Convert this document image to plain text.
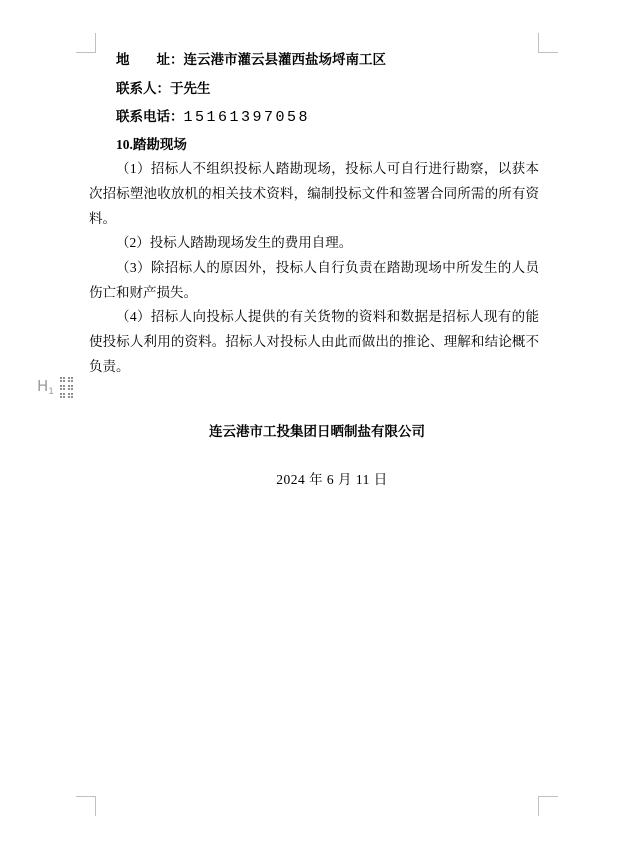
地　　址：连云港市灌云县灌西盐场埒南工区
联系人：于先生
联系电话：15161397058

10.踏勘现场

（1）招标人不组织投标人踏勘现场，投标人可自行进行勘察，以获本次招标塑池收放机的相关技术资料，编制投标文件和签署合同所需的所有资料。

（2）投标人踏勘现场发生的费用自理。

（3）除招标人的原因外，投标人自行负责在踏勘现场中所发生的人员伤亡和财产损失。

（4）招标人向投标人提供的有关货物的资料和数据是招标人现有的能使投标人利用的资料。招标人对投标人由此而做出的推论、理解和结论概不负责。

$H_1$

连云港市工投集团日晒制盐有限公司

2024 年 6 月 11 日
